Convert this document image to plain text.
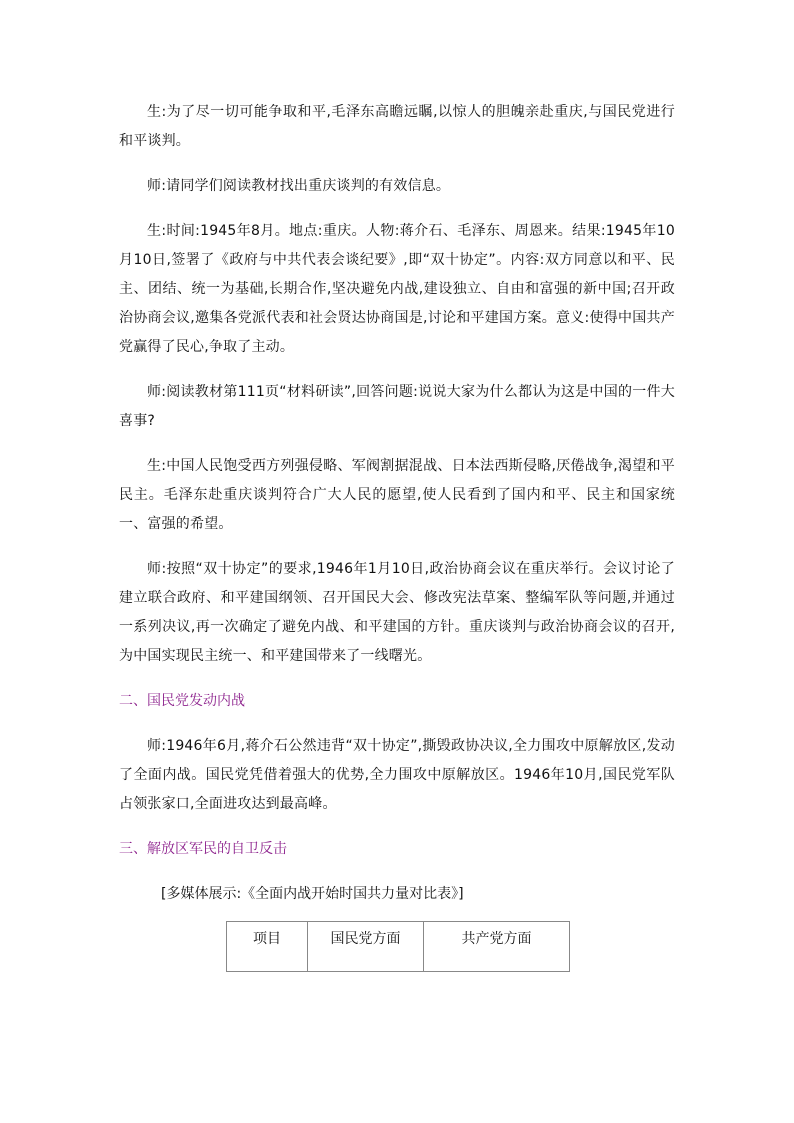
生:为了尽一切可能争取和平,毛泽东高瞻远瞩,以惊人的胆魄亲赴重庆,与国民党进行和平谈判。

师:请同学们阅读教材找出重庆谈判的有效信息。

生:时间:1945年8月。地点:重庆。人物:蒋介石、毛泽东、周恩来。结果:1945年10月10日,签署了《政府与中共代表会谈纪要》,即“双十协定”。内容:双方同意以和平、民主、团结、统一为基础,长期合作,坚决避免内战,建设独立、自由和富强的新中国;召开政治协商会议,邀集各党派代表和社会贤达协商国是,讨论和平建国方案。意义:使得中国共产党赢得了民心,争取了主动。

师:阅读教材第111页“材料研读”,回答问题:说说大家为什么都认为这是中国的一件大喜事?

生:中国人民饱受西方列强侵略、军阀割据混战、日本法西斯侵略,厌倦战争,渴望和平民主。毛泽东赴重庆谈判符合广大人民的愿望,使人民看到了国内和平、民主和国家统一、富强的希望。

师:按照“双十协定”的要求,1946年1月10日,政治协商会议在重庆举行。会议讨论了建立联合政府、和平建国纲领、召开国民大会、修改宪法草案、整编军队等问题,并通过一系列决议,再一次确定了避免内战、和平建国的方针。重庆谈判与政治协商会议的召开,为中国实现民主统一、和平建国带来了一线曙光。

二、国民党发动内战

师:1946年6月,蒋介石公然违背“双十协定”,撕毁政协决议,全力围攻中原解放区,发动了全面内战。国民党凭借着强大的优势,全力围攻中原解放区。1946年10月,国民党军队占领张家口,全面进攻达到最高峰。

三、解放区军民的自卫反击

[多媒体展示:《全面内战开始时国共力量对比表》]

项目	国民党方面	共产党方面
